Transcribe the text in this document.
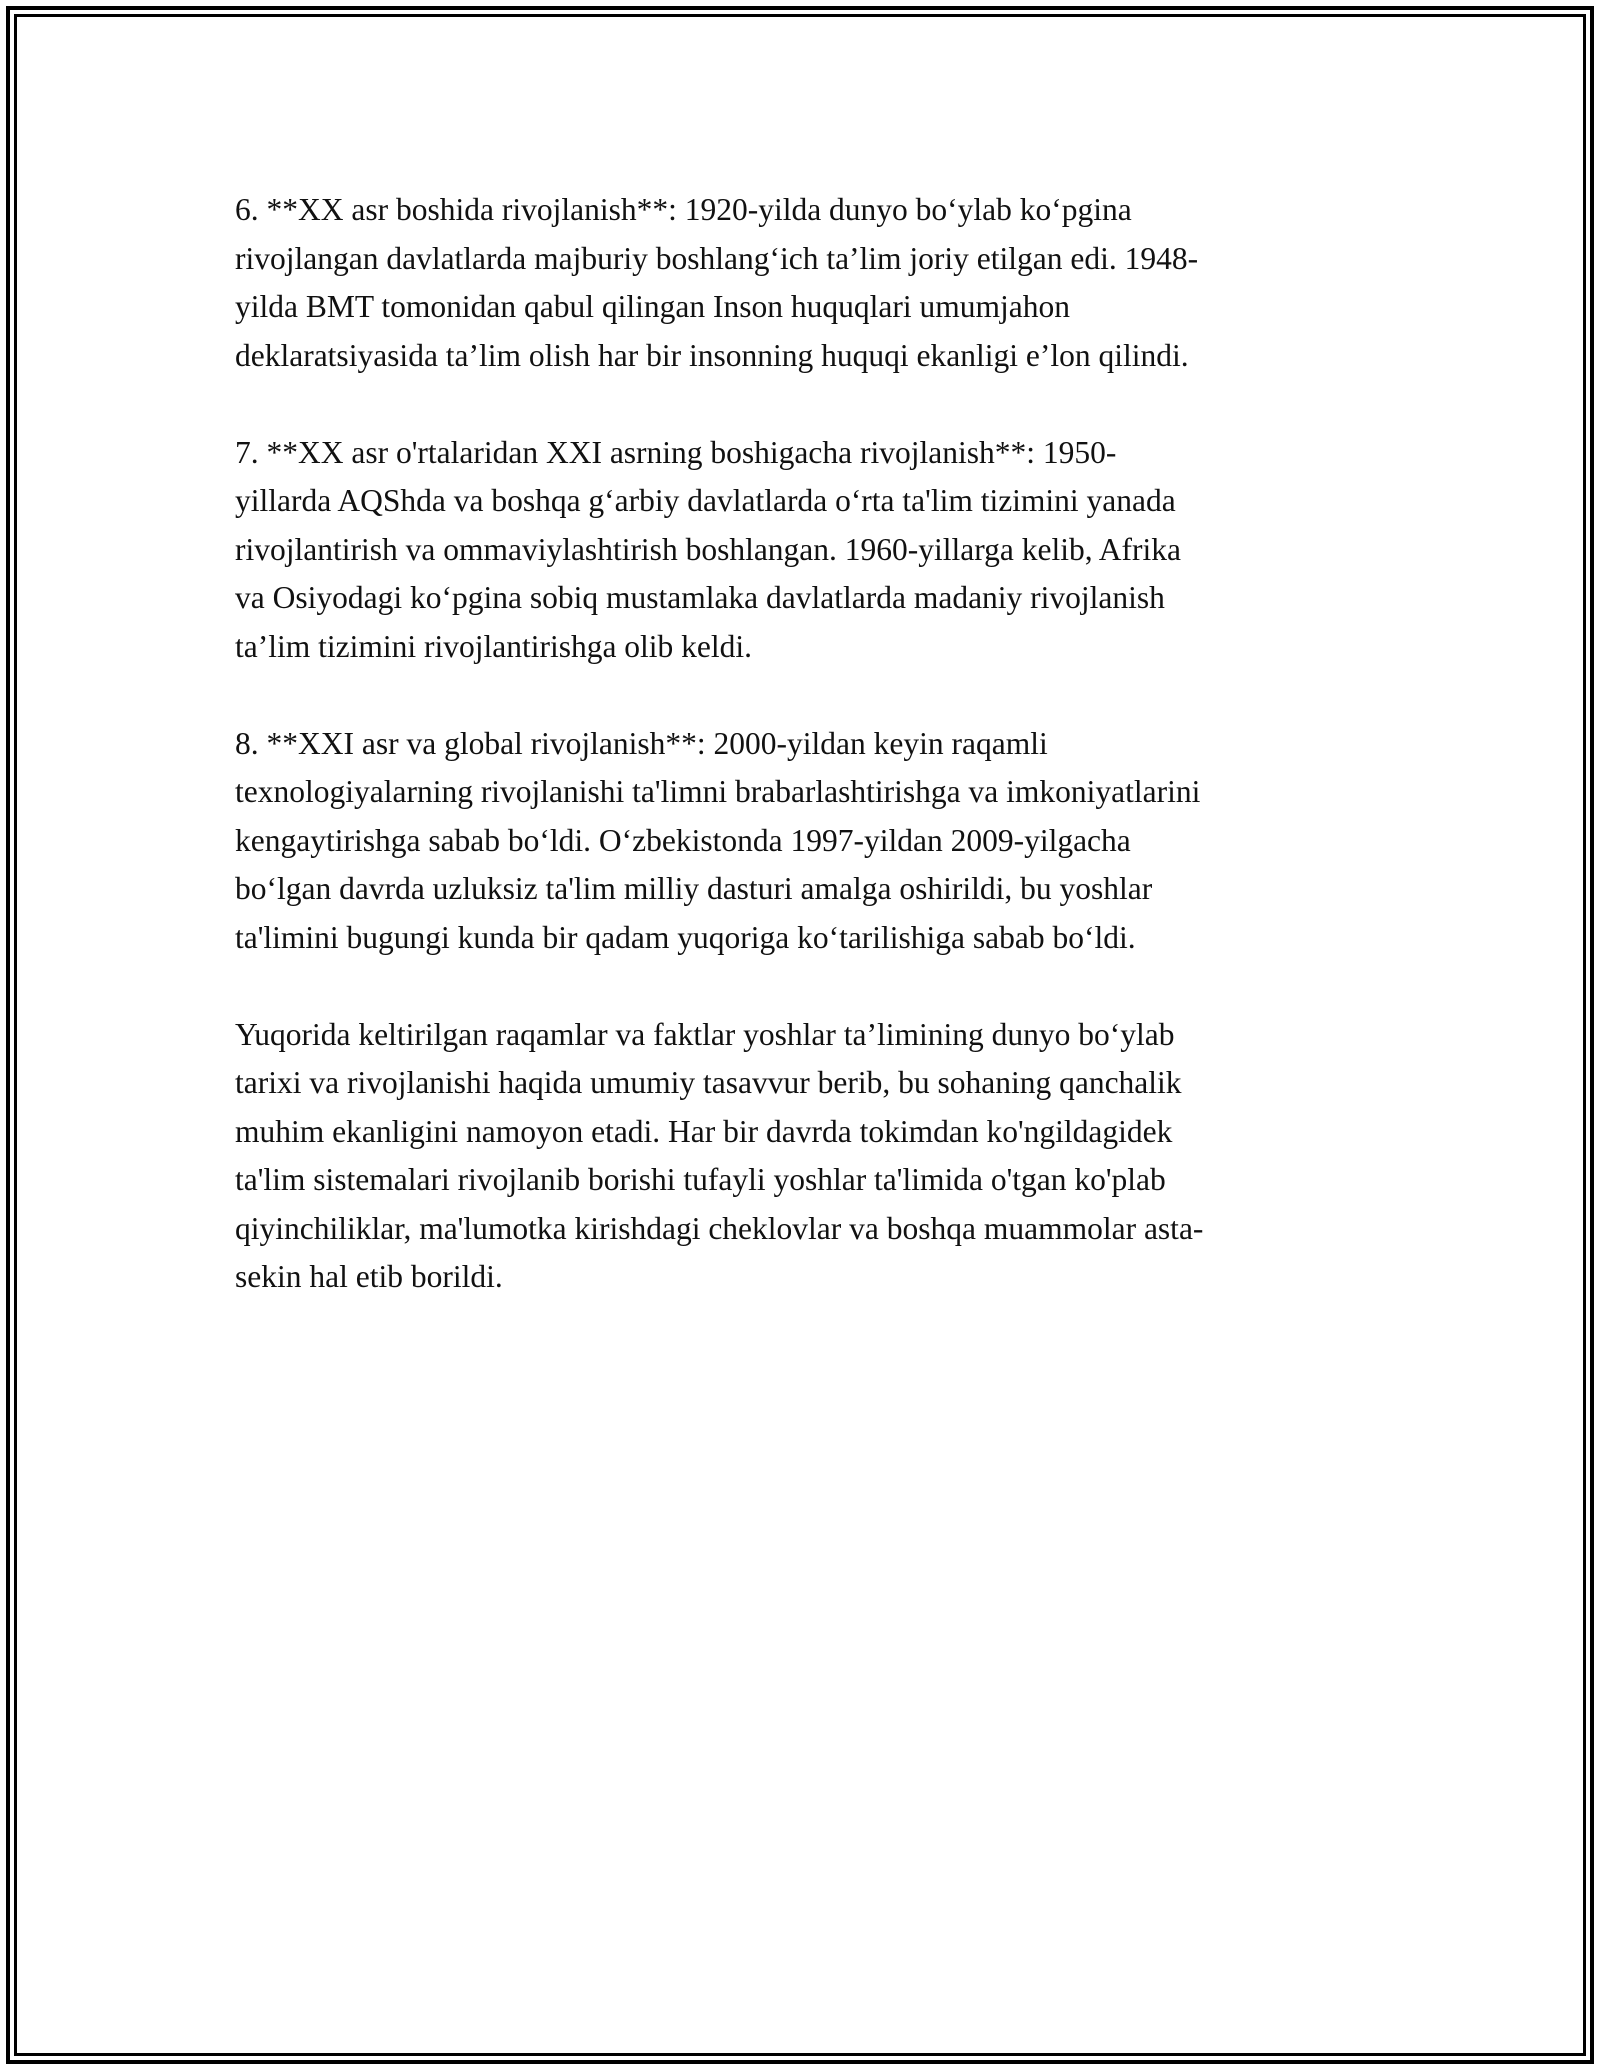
6. **XX asr boshida rivojlanish**: 1920-yilda dunyo bo‘ylab ko‘pgina
rivojlangan davlatlarda majburiy boshlang‘ich ta’lim joriy etilgan edi. 1948-
yilda BMT tomonidan qabul qilingan Inson huquqlari umumjahon
deklaratsiyasida ta’lim olish har bir insonning huquqi ekanligi e’lon qilindi.

7. **XX asr o'rtalaridan XXI asrning boshigacha rivojlanish**: 1950-
yillarda AQShda va boshqa g‘arbiy davlatlarda o‘rta ta'lim tizimini yanada
rivojlantirish va ommaviylashtirish boshlangan. 1960-yillarga kelib, Afrika
va Osiyodagi ko‘pgina sobiq mustamlaka davlatlarda madaniy rivojlanish
ta’lim tizimini rivojlantirishga olib keldi.

8. **XXI asr va global rivojlanish**: 2000-yildan keyin raqamli
texnologiyalarning rivojlanishi ta'limni brabarlashtirishga va imkoniyatlarini
kengaytirishga sabab bo‘ldi. O‘zbekistonda 1997-yildan 2009-yilgacha
bo‘lgan davrda uzluksiz ta'lim milliy dasturi amalga oshirildi, bu yoshlar
ta'limini bugungi kunda bir qadam yuqoriga ko‘tarilishiga sabab bo‘ldi.

Yuqorida keltirilgan raqamlar va faktlar yoshlar ta’limining dunyo bo‘ylab
tarixi va rivojlanishi haqida umumiy tasavvur berib, bu sohaning qanchalik
muhim ekanligini namoyon etadi. Har bir davrda tokimdan ko'ngildagidek
ta'lim sistemalari rivojlanib borishi tufayli yoshlar ta'limida o'tgan ko'plab
qiyinchiliklar, ma'lumotka kirishdagi cheklovlar va boshqa muammolar asta-
sekin hal etib borildi.
